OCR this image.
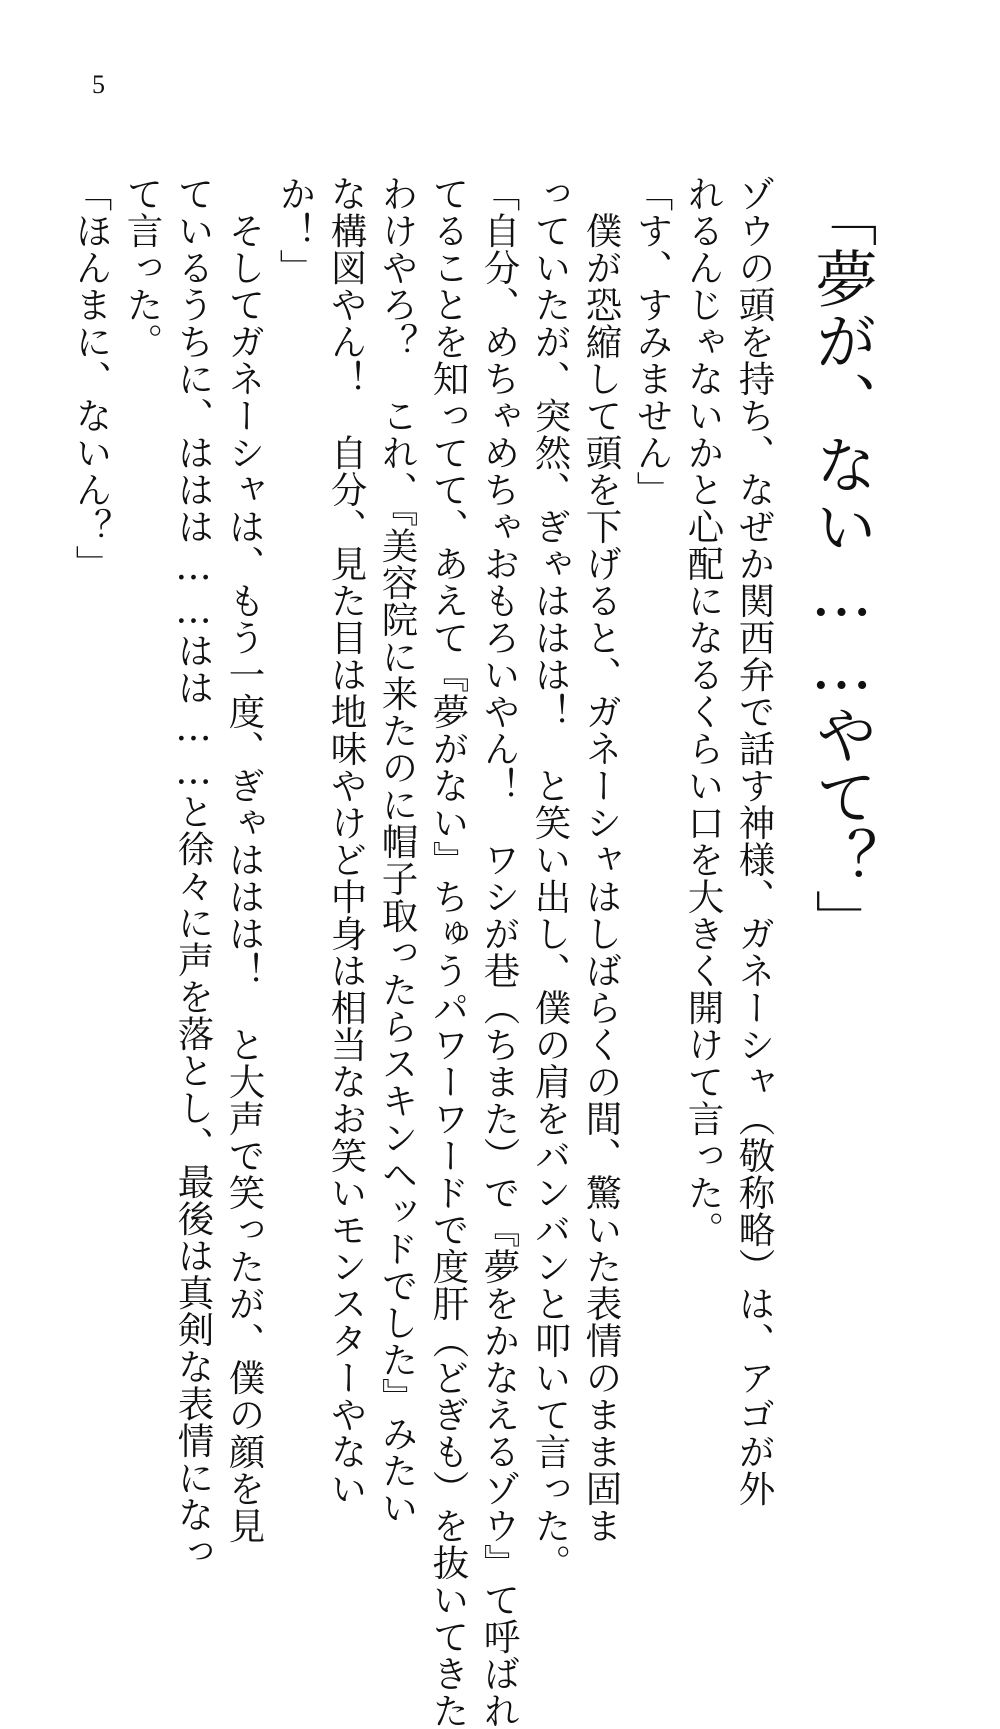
5
「夢が、ない……やて？」
ゾウの頭を持ち、なぜか関西弁で話す神様、ガネーシャ（敬称略）は、アゴが外
れるんじゃないかと心配になるくらい口を大きく開けて言った。
「す、すみません」
僕が恐縮して頭を下げると、ガネーシャはしばらくの間、驚いた表情のまま固ま
っていたが、突然、ぎゃははは！　と笑い出し、僕の肩をバンバンと叩いて言った。
「自分、めちゃめちゃおもろいやん！　ワシが巷（ちまた）で『夢をかなえるゾウ』て呼ばれ
てることを知ってて、あえて『夢がない』ちゅうパワーワードで度肝（どぎも）を抜いてきた
わけやろ？　これ、『美容院に来たのに帽子取ったらスキンヘッドでした』みたい
な構図やん！　自分、見た目は地味やけど中身は相当なお笑いモンスターやない
か！」
そしてガネーシャは、もう一度、ぎゃははは！　と大声で笑ったが、僕の顔を見
ているうちに、ははは……はは……と徐々に声を落とし、最後は真剣な表情になっ
て言った。
「ほんまに、ないん？」
